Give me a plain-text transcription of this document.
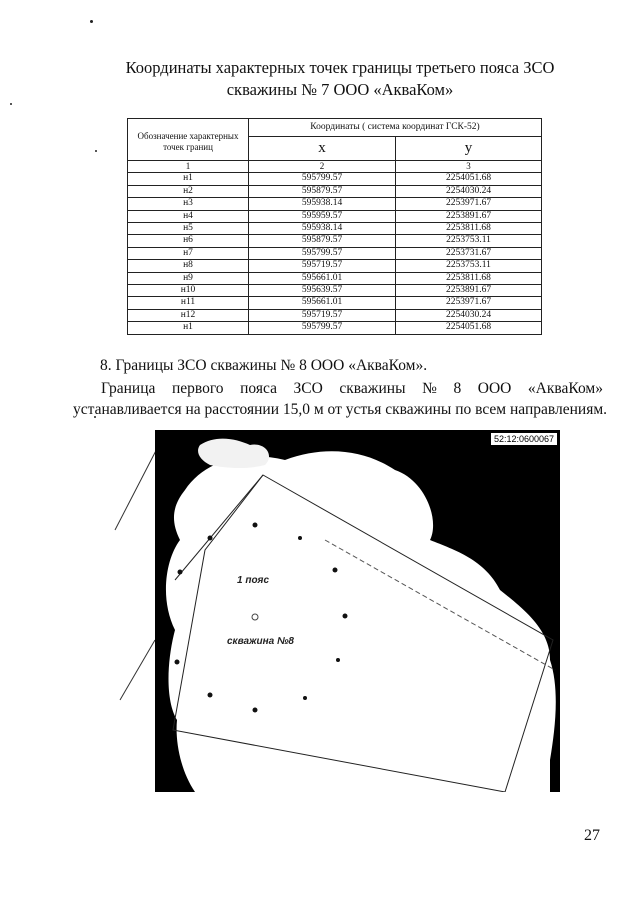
Координаты характерных точек границы третьего пояса ЗСО
скважины № 7 ООО «АкваКом»
Обозначение характерных точек границ	Координаты ( система координат ГСК-52)	
	x	y
1	2	3
н1	595799.57	2254051.68
н2	595879.57	2254030.24
н3	595938.14	2253971.67
н4	595959.57	2253891.67
н5	595938.14	2253811.68
н6	595879.57	2253753.11
н7	595799.57	2253731.67
н8	595719.57	2253753.11
н9	595661.01	2253811.68
н10	595639.57	2253891.67
н11	595661.01	2253971.67
н12	595719.57	2254030.24
н1	595799.57	2254051.68
8. Границы ЗСО скважины № 8 ООО «АкваКом».
Граница первого пояса ЗСО скважины № 8 ООО «АкваКом»
устанавливается на расстоянии 15,0 м от устья скважины по всем направлениям.
52:12:0600067
1 пояс
скважина №8
27
